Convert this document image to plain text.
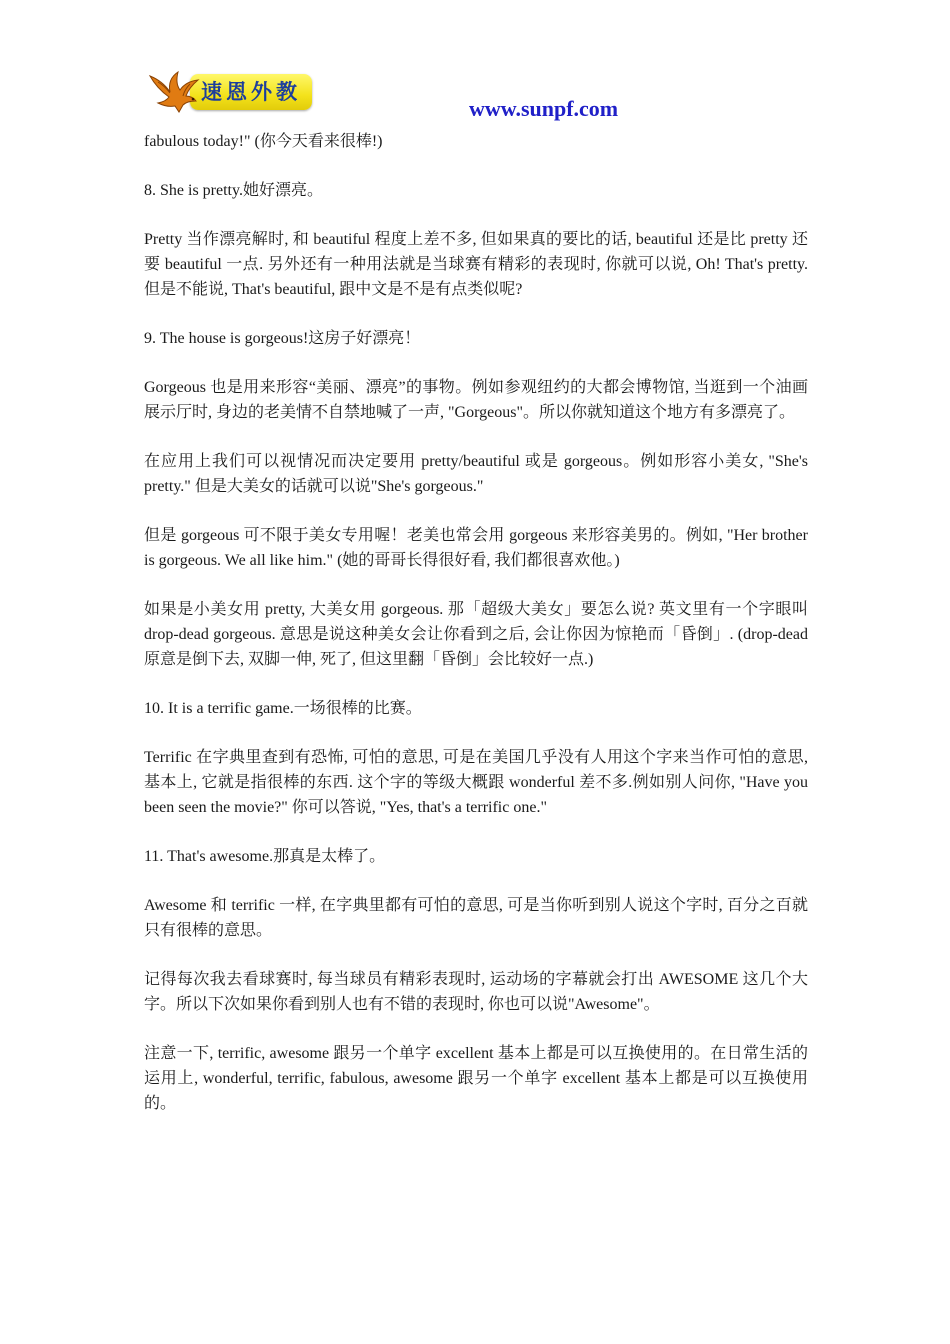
速恩外教
www.sunpf.com

fabulous today!" (你今天看来很棒!)

8. She is pretty.她好漂亮。

Pretty 当作漂亮解时, 和 beautiful 程度上差不多, 但如果真的要比的话, beautiful 还是比 pretty 还要 beautiful 一点. 另外还有一种用法就是当球赛有精彩的表现时, 你就可以说, Oh! That's pretty. 但是不能说, That's beautiful, 跟中文是不是有点类似呢?

9. The house is gorgeous!这房子好漂亮！

Gorgeous 也是用来形容“美丽、漂亮”的事物。例如参观纽约的大都会博物馆, 当逛到一个油画展示厅时, 身边的老美情不自禁地喊了一声, "Gorgeous"。所以你就知道这个地方有多漂亮了。

在应用上我们可以视情况而决定要用 pretty/beautiful 或是 gorgeous。例如形容小美女, "She's pretty." 但是大美女的话就可以说"She's gorgeous."

但是 gorgeous 可不限于美女专用喔！老美也常会用 gorgeous 来形容美男的。例如, "Her brother is gorgeous. We all like him." (她的哥哥长得很好看, 我们都很喜欢他。)

如果是小美女用 pretty, 大美女用 gorgeous. 那「超级大美女」要怎么说? 英文里有一个字眼叫 drop-dead gorgeous. 意思是说这种美女会让你看到之后, 会让你因为惊艳而「昏倒」. (drop-dead 原意是倒下去, 双脚一伸, 死了, 但这里翻「昏倒」会比较好一点.)

10. It is a terrific game.一场很棒的比赛。

Terrific 在字典里查到有恐怖, 可怕的意思, 可是在美国几乎没有人用这个字来当作可怕的意思, 基本上, 它就是指很棒的东西. 这个字的等级大概跟 wonderful 差不多.例如别人问你, "Have you been seen the movie?" 你可以答说, "Yes, that's a terrific one."

11. That's awesome.那真是太棒了。

Awesome 和 terrific 一样, 在字典里都有可怕的意思, 可是当你听到别人说这个字时, 百分之百就只有很棒的意思。

记得每次我去看球赛时, 每当球员有精彩表现时, 运动场的字幕就会打出 AWESOME 这几个大字。所以下次如果你看到别人也有不错的表现时, 你也可以说"Awesome"。

注意一下, terrific, awesome 跟另一个单字 excellent 基本上都是可以互换使用的。在日常生活的运用上, wonderful, terrific, fabulous, awesome 跟另一个单字 excellent 基本上都是可以互换使用的。
